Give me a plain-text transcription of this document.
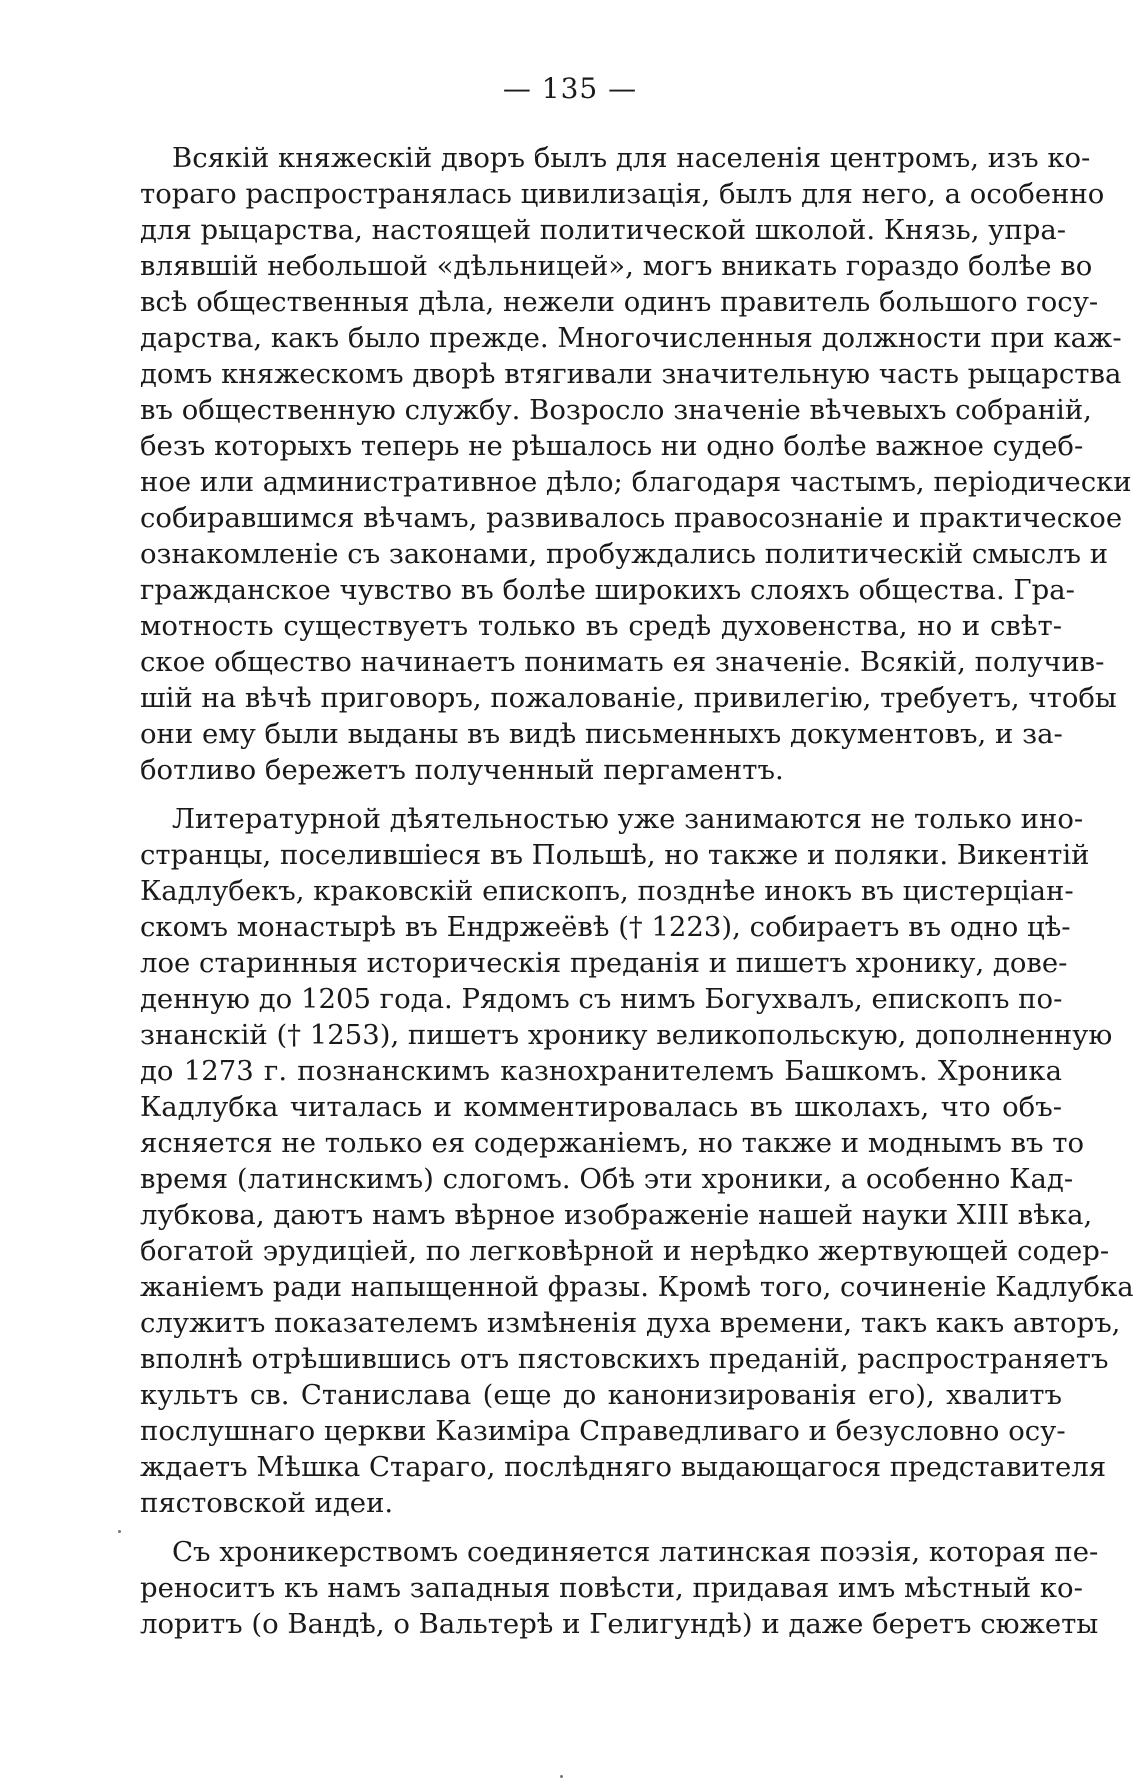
— 135 —
Всякій княжескій дворъ былъ для населенія центромъ, изъ ко-
тораго распространялась цивилизація, былъ для него, а особенно
для рыцарства, настоящей политической школой. Князь, упра-
влявшій небольшой «дѣльницей», могъ вникать гораздо болѣе во
всѣ общественныя дѣла, нежели одинъ правитель большого госу-
дарства, какъ было прежде. Многочисленныя должности при каж-
домъ княжескомъ дворѣ втягивали значительную часть рыцарства
въ общественную службу. Возросло значеніе вѣчевыхъ собраній,
безъ которыхъ теперь не рѣшалось ни одно болѣе важное судеб-
ное или административное дѣло; благодаря частымъ, періодически
собиравшимся вѣчамъ, развивалось правосознаніе и практическое
ознакомленіе съ законами, пробуждались политическій смыслъ и
гражданское чувство въ болѣе широкихъ слояхъ общества. Гра-
мотность существуетъ только въ средѣ духовенства, но и свѣт-
ское общество начинаетъ понимать ея значеніе. Всякій, получив-
шій на вѣчѣ приговоръ, пожалованіе, привилегію, требуетъ, чтобы
они ему были выданы въ видѣ письменныхъ документовъ, и за-
ботливо бережетъ полученный пергаментъ.
Литературной дѣятельностью уже занимаются не только ино-
странцы, поселившіеся въ Польшѣ, но также и поляки. Викентій
Кадлубекъ, краковскій епископъ, позднѣе инокъ въ цистерціан-
скомъ монастырѣ въ Ендржеёвѣ († 1223), собираетъ въ одно цѣ-
лое старинныя историческія преданія и пишетъ хронику, дове-
денную до 1205 года. Рядомъ съ нимъ Богухвалъ, епископъ по-
знанскій († 1253), пишетъ хронику великопольскую, дополненную
до 1273 г. познанскимъ казнохранителемъ Башкомъ. Хроника
Кадлубка читалась и комментировалась въ школахъ, что объ-
ясняется не только ея содержаніемъ, но также и моднымъ въ то
время (латинскимъ) слогомъ. Обѣ эти хроники, а особенно Кад-
лубкова, даютъ намъ вѣрное изображеніе нашей науки XIII вѣка,
богатой эрудиціей, по легковѣрной и нерѣдко жертвующей содер-
жаніемъ ради напыщенной фразы. Кромѣ того, сочиненіе Кадлубка
служитъ показателемъ измѣненія духа времени, такъ какъ авторъ,
вполнѣ отрѣшившись отъ пястовскихъ преданій, распространяетъ
культъ св. Станислава (еще до канонизированія его), хвалитъ
послушнаго церкви Казиміра Справедливаго и безусловно осу-
ждаетъ Мѣшка Стараго, послѣдняго выдающагося представителя
пястовской идеи.
Съ хроникерствомъ соединяется латинская поэзія, которая пе-
реноситъ къ намъ западныя повѣсти, придавая имъ мѣстный ко-
лоритъ (о Вандѣ, о Вальтерѣ и Гелигундѣ) и даже беретъ сюжеты
